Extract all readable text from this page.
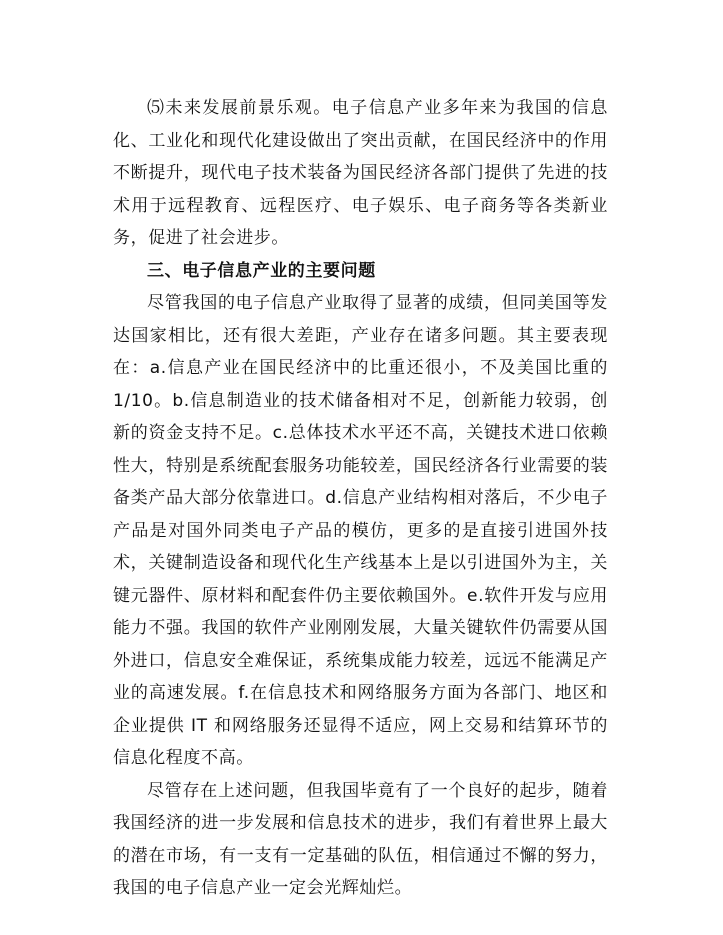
⑸未来发展前景乐观。电子信息产业多年来为我国的信息化、工业化和现代化建设做出了突出贡献，在国民经济中的作用不断提升，现代电子技术装备为国民经济各部门提供了先进的技术用于远程教育、远程医疗、电子娱乐、电子商务等各类新业务，促进了社会进步。

三、电子信息产业的主要问题

尽管我国的电子信息产业取得了显著的成绩，但同美国等发达国家相比，还有很大差距，产业存在诸多问题。其主要表现在：a.信息产业在国民经济中的比重还很小，不及美国比重的 1/10。b.信息制造业的技术储备相对不足，创新能力较弱，创新的资金支持不足。c.总体技术水平还不高，关键技术进口依赖性大，特别是系统配套服务功能较差，国民经济各行业需要的装备类产品大部分依靠进口。d.信息产业结构相对落后，不少电子产品是对国外同类电子产品的模仿，更多的是直接引进国外技术，关键制造设备和现代化生产线基本上是以引进国外为主，关键元器件、原材料和配套件仍主要依赖国外。e.软件开发与应用能力不强。我国的软件产业刚刚发展，大量关键软件仍需要从国外进口，信息安全难保证，系统集成能力较差，远远不能满足产业的高速发展。f.在信息技术和网络服务方面为各部门、地区和企业提供 IT 和网络服务还显得不适应，网上交易和结算环节的信息化程度不高。

尽管存在上述问题，但我国毕竟有了一个良好的起步，随着我国经济的进一步发展和信息技术的进步，我们有着世界上最大的潜在市场，有一支有一定基础的队伍，相信通过不懈的努力，我国的电子信息产业一定会光辉灿烂。
